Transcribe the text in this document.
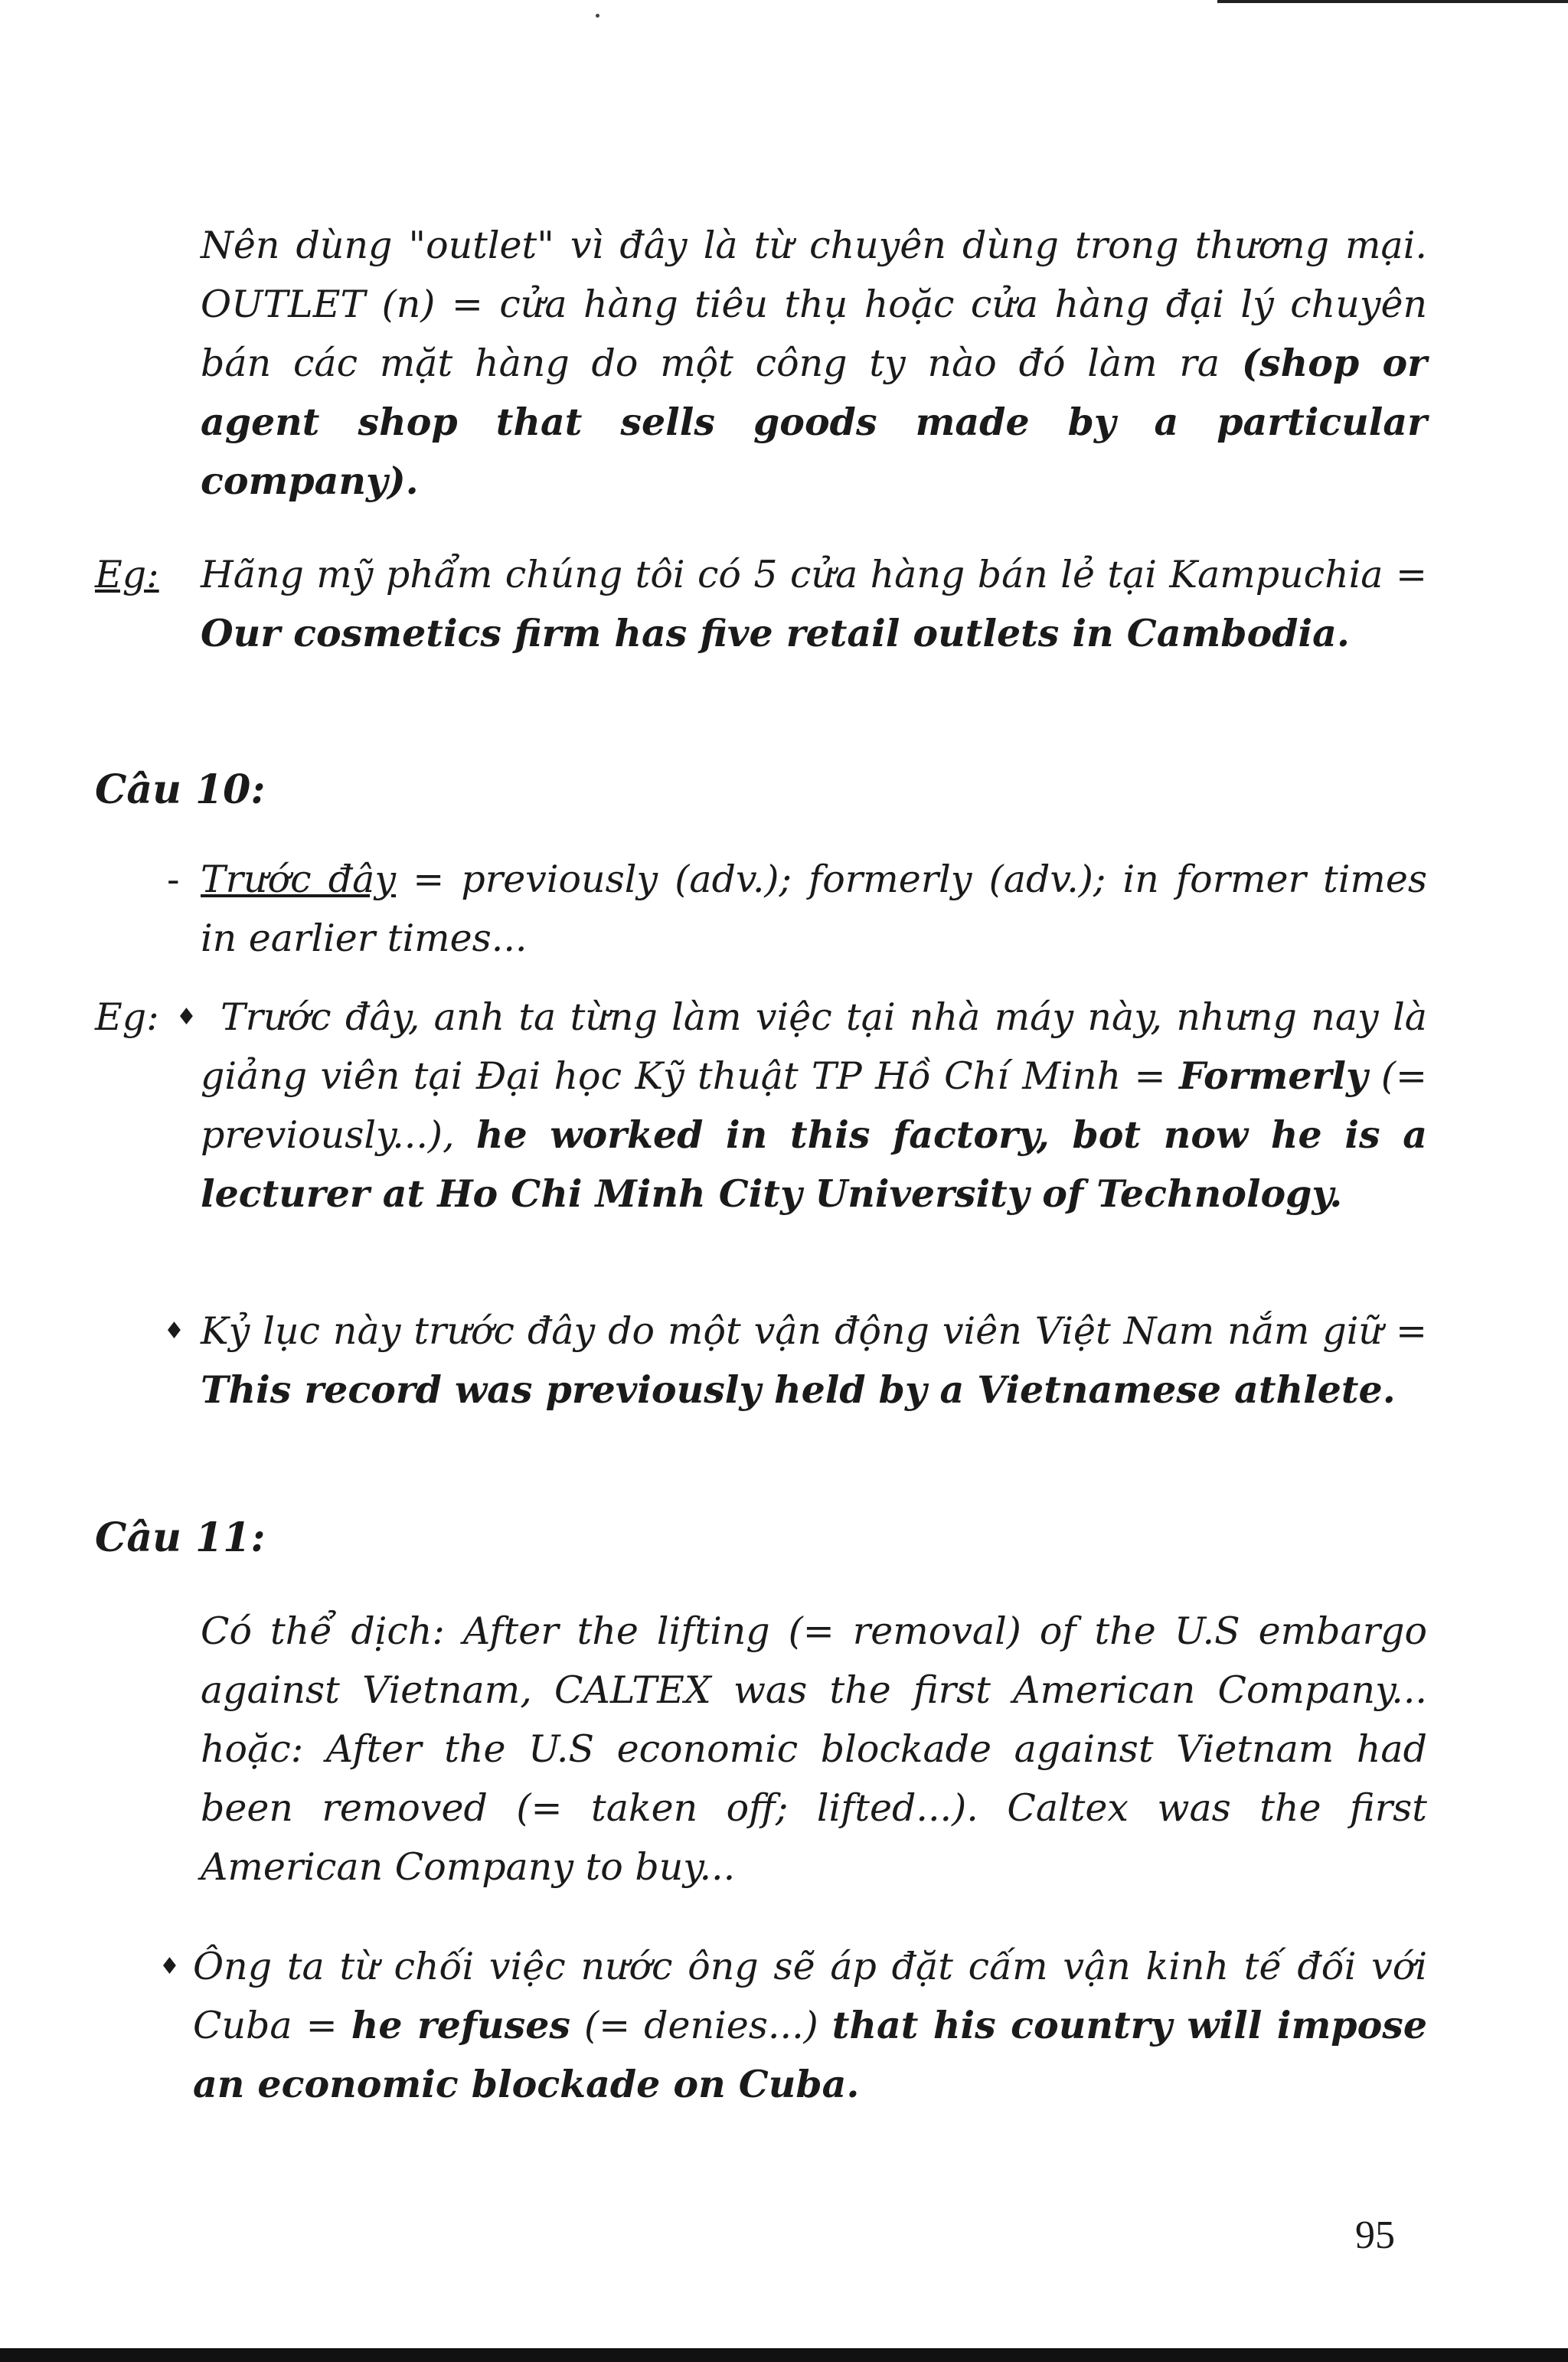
Nên dùng "outlet" vì đây là từ chuyên dùng trong thương mại. OUTLET (n) = cửa hàng tiêu thụ hoặc cửa hàng đại lý chuyên bán các mặt hàng do một công ty nào đó làm ra (shop or agent shop that sells goods made by a particular company).
Eg: Hãng mỹ phẩm chúng tôi có 5 cửa hàng bán lẻ tại Kampuchia = Our cosmetics firm has five retail outlets in Cambodia.
Câu 10:
- Trước đây = previously (adv.); formerly (adv.); in former times in earlier times...
Eg: ♦ Trước đây, anh ta từng làm việc tại nhà máy này, nhưng nay là giảng viên tại Đại học Kỹ thuật TP Hồ Chí Minh = Formerly (= previously...), he worked in this factory, bot now he is a lecturer at Ho Chi Minh City University of Technology.
♦ Kỷ lục này trước đây do một vận động viên Việt Nam nắm giữ = This record was previously held by a Vietnamese athlete.
Câu 11:
Có thể dịch: After the lifting (= removal) of the U.S embargo against Vietnam, CALTEX was the first American Company... hoặc: After the U.S economic blockade against Vietnam had been removed (= taken off; lifted...). Caltex was the first American Company to buy...
♦ Ông ta từ chối việc nước ông sẽ áp đặt cấm vận kinh tế đối với Cuba = he refuses (= denies...) that his country will impose an economic blockade on Cuba.
95
